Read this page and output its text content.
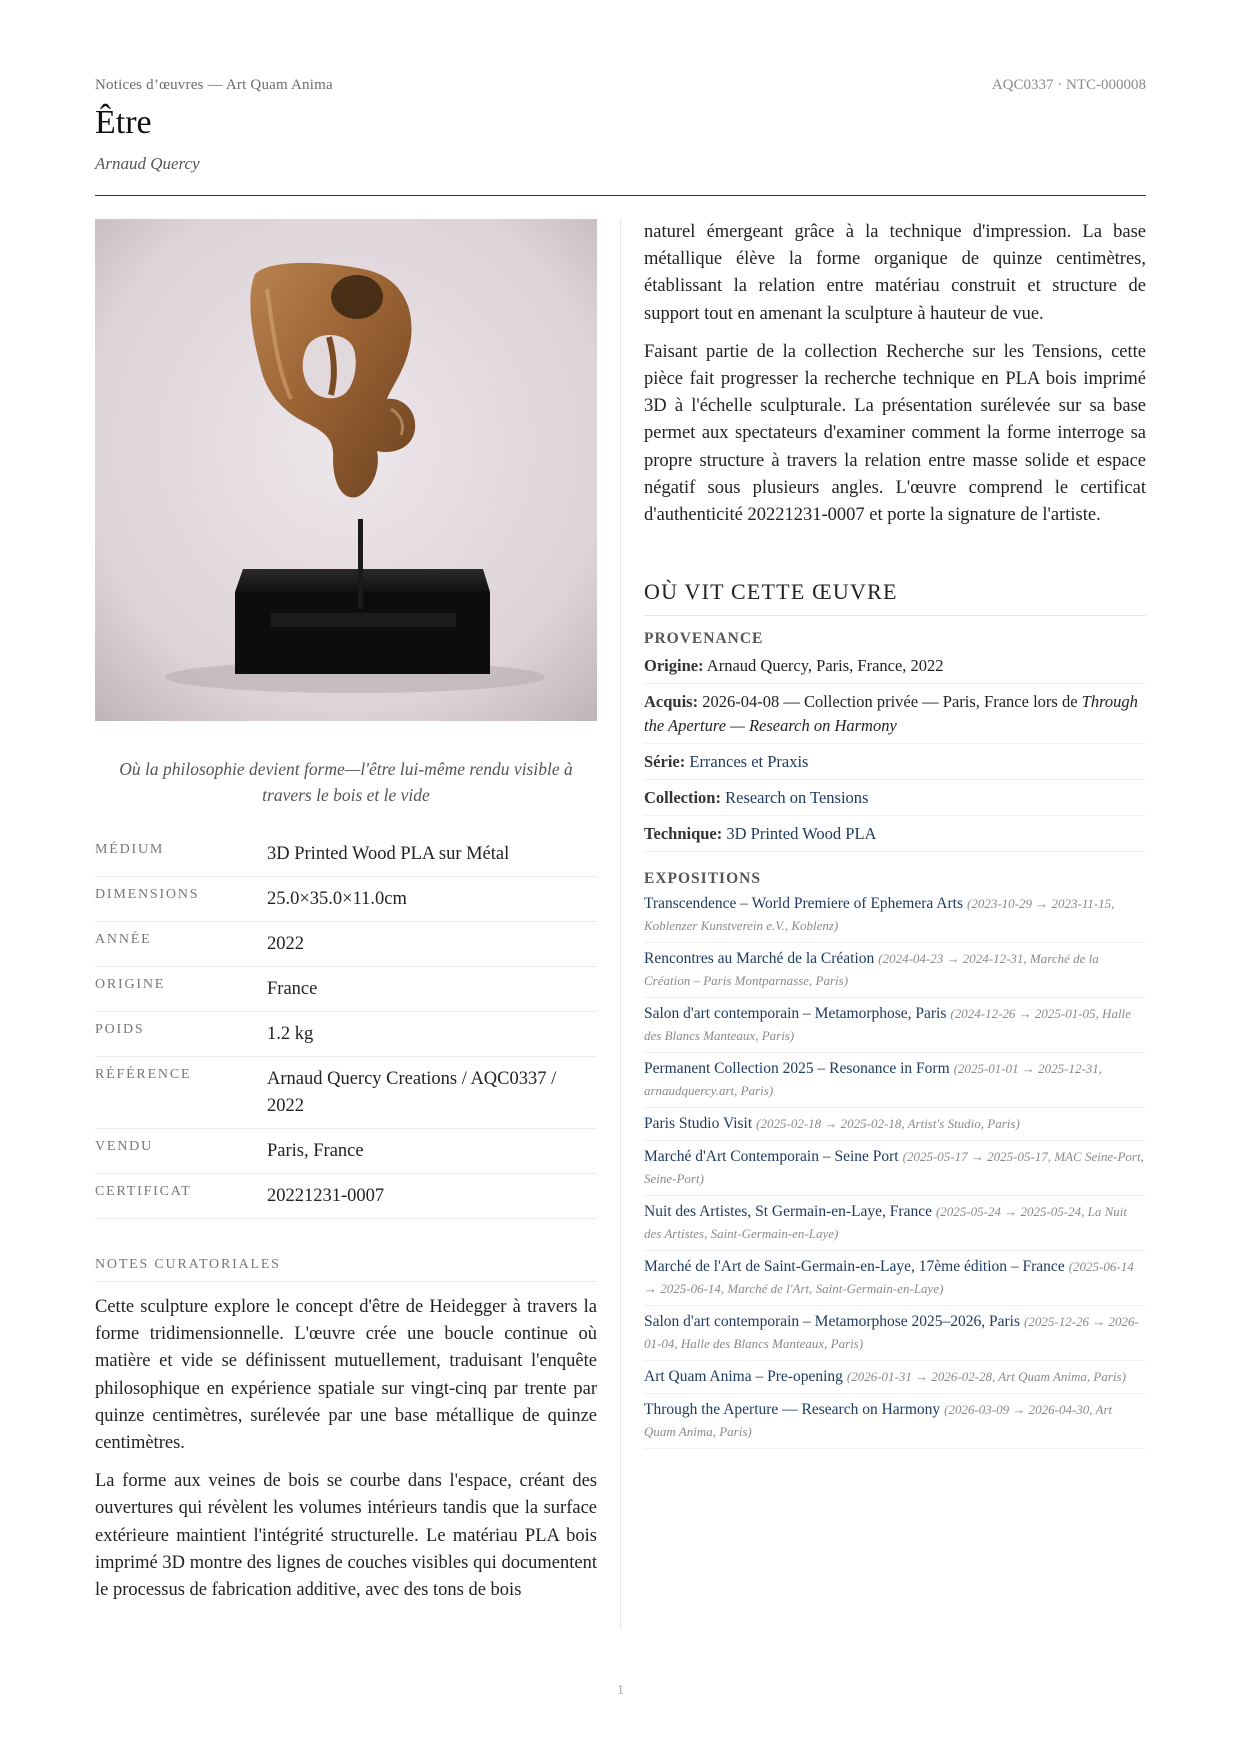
Notices d’œuvres — Art Quam Anima	AQC0337 · NTC-000008
Être
Arnaud Quercy
Où la philosophie devient forme—l'être lui-même rendu visible à travers le bois et le vide
MÉDIUM	3D Printed Wood PLA sur Métal
DIMENSIONS	25.0×35.0×11.0cm
ANNÉE	2022
ORIGINE	France
POIDS	1.2 kg
RÉFÉRENCE	Arnaud Quercy Creations / AQC0337 / 2022
VENDU	Paris, France
CERTIFICAT	20221231-0007
NOTES CURATORIALES

Cette sculpture explore le concept d'être de Heidegger à travers la forme tridimensionnelle. L'œuvre crée une boucle continue où matière et vide se définissent mutuellement, traduisant l'enquête philosophique en expérience spatiale sur vingt-cinq par trente par quinze centimètres, surélevée par une base métallique de quinze centimètres.

La forme aux veines de bois se courbe dans l'espace, créant des ouvertures qui révèlent les volumes intérieurs tandis que la surface extérieure maintient l'intégrité structurelle. Le matériau PLA bois imprimé 3D montre des lignes de couches visibles qui documentent le processus de fabrication additive, avec des tons de bois

naturel émergeant grâce à la technique d'impression. La base métallique élève la forme organique de quinze centimètres, établissant la relation entre matériau construit et structure de support tout en amenant la sculpture à hauteur de vue.

Faisant partie de la collection Recherche sur les Tensions, cette pièce fait progresser la recherche technique en PLA bois imprimé 3D à l'échelle sculpturale. La présentation surélevée sur sa base permet aux spectateurs d'examiner comment la forme interroge sa propre structure à travers la relation entre masse solide et espace négatif sous plusieurs angles. L'œuvre comprend le certificat d'authenticité 20221231-0007 et porte la signature de l'artiste.

OÙ VIT CETTE ŒUVRE
PROVENANCE
Origine: Arnaud Quercy, Paris, France, 2022
Acquis: 2026-04-08 — Collection privée — Paris, France lors de Through the Aperture — Research on Harmony
Série: Errances et Praxis
Collection: Research on Tensions
Technique: 3D Printed Wood PLA
EXPOSITIONS
Transcendence – World Premiere of Ephemera Arts (2023-10-29 → 2023-11-15, Koblenzer Kunstverein e.V., Koblenz)
Rencontres au Marché de la Création (2024-04-23 → 2024-12-31, Marché de la Création – Paris Montparnasse, Paris)
Salon d'art contemporain – Metamorphose, Paris (2024-12-26 → 2025-01-05, Halle des Blancs Manteaux, Paris)
Permanent Collection 2025 – Resonance in Form (2025-01-01 → 2025-12-31, arnaudquercy.art, Paris)
Paris Studio Visit (2025-02-18 → 2025-02-18, Artist's Studio, Paris)
Marché d'Art Contemporain – Seine Port (2025-05-17 → 2025-05-17, MAC Seine-Port, Seine-Port)
Nuit des Artistes, St Germain-en-Laye, France (2025-05-24 → 2025-05-24, La Nuit des Artistes, Saint-Germain-en-Laye)
Marché de l'Art de Saint-Germain-en-Laye, 17ème édition – France (2025-06-14 → 2025-06-14, Marché de l'Art, Saint-Germain-en-Laye)
Salon d'art contemporain – Metamorphose 2025–2026, Paris (2025-12-26 → 2026-01-04, Halle des Blancs Manteaux, Paris)
Art Quam Anima – Pre-opening (2026-01-31 → 2026-02-28, Art Quam Anima, Paris)
Through the Aperture — Research on Harmony (2026-03-09 → 2026-04-30, Art Quam Anima, Paris)
1
